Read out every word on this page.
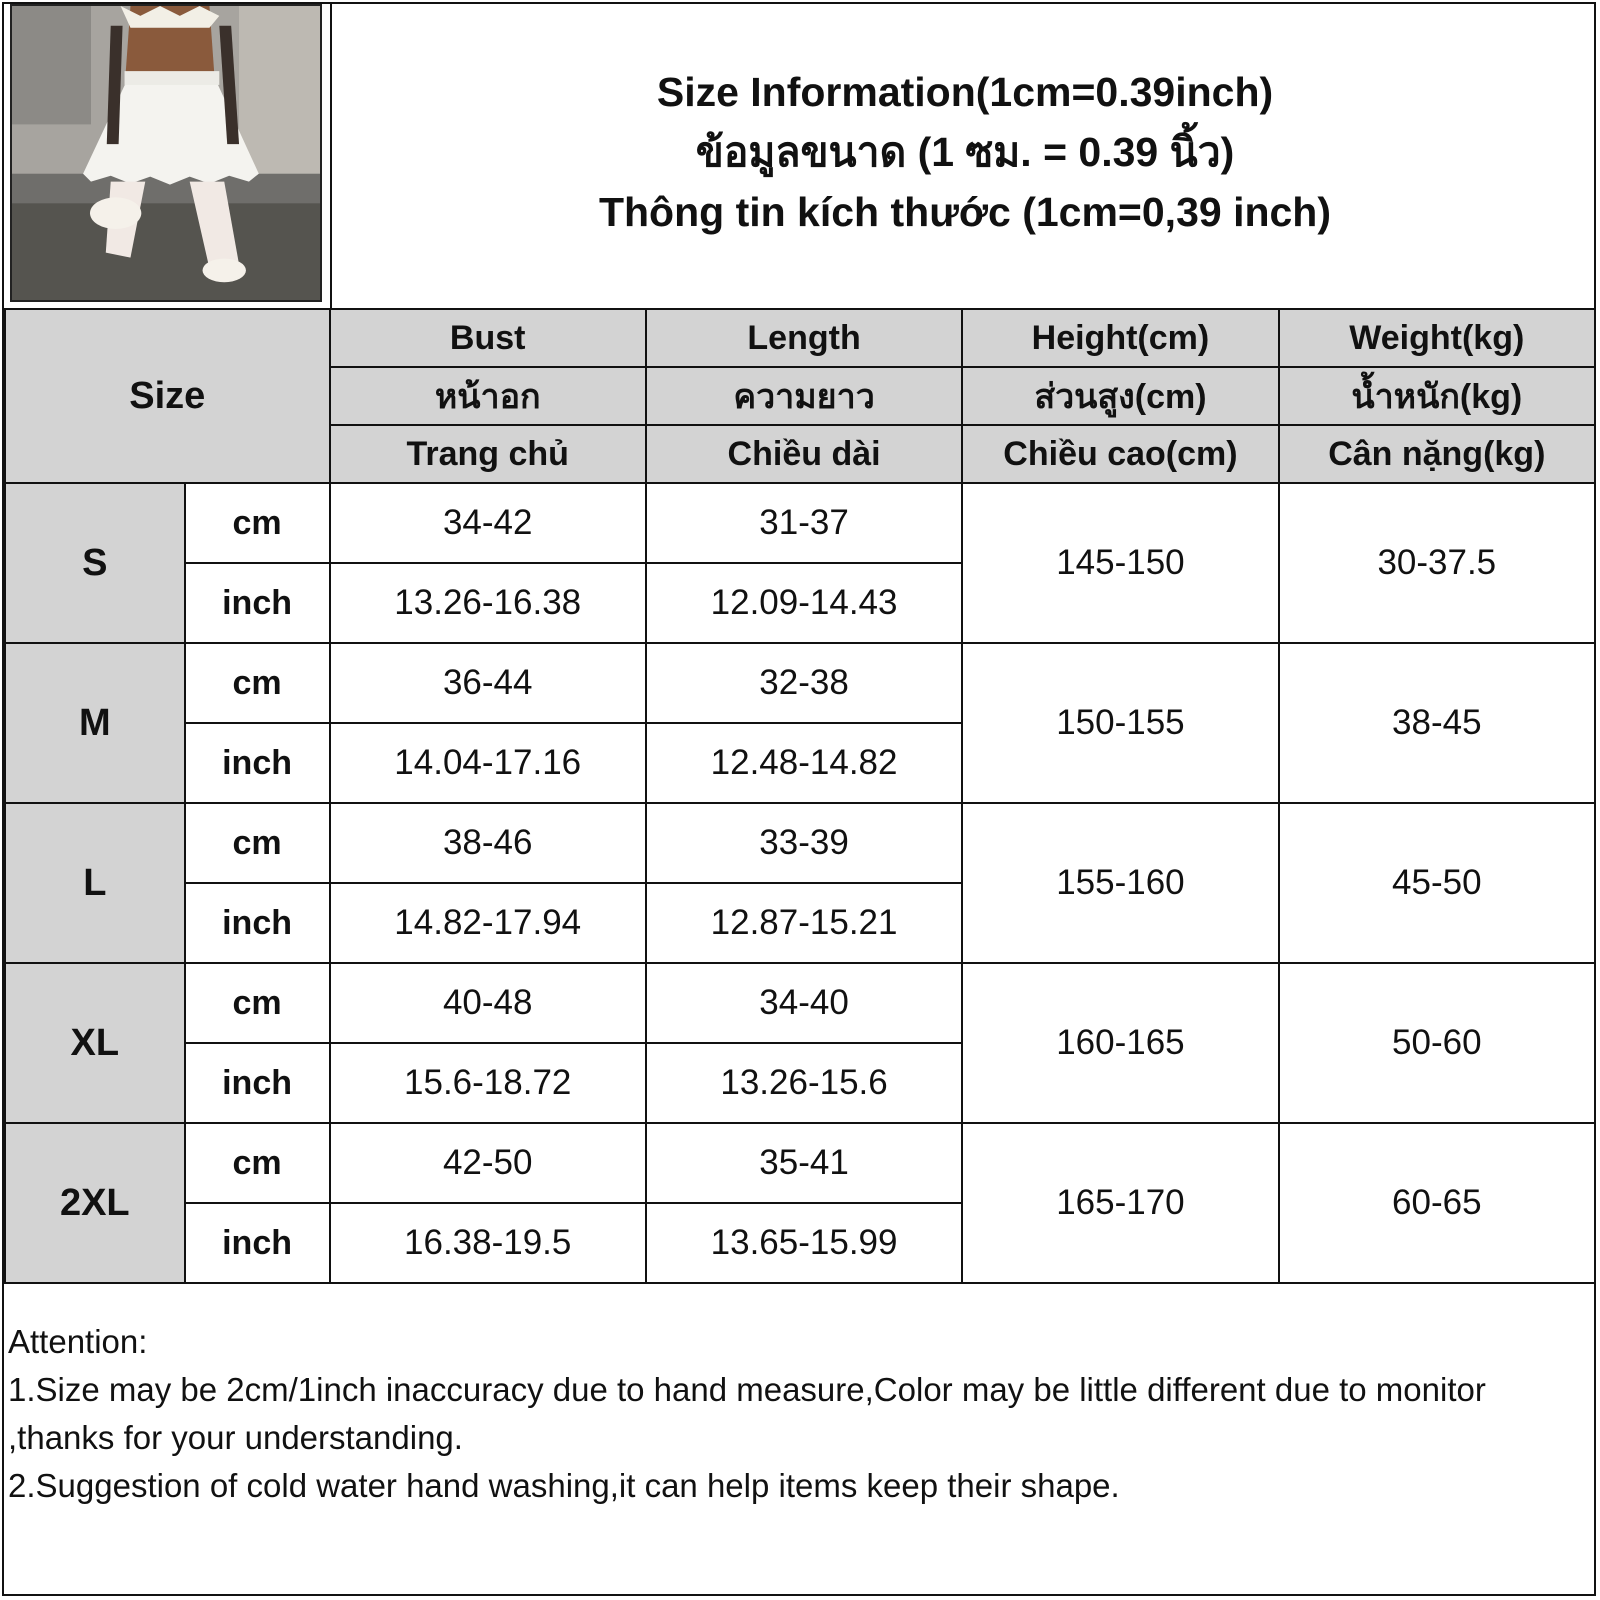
Size Information(1cm=0.39inch)
ข้อมูลขนาด (1 ซม. = 0.39 นิ้ว)
Thông tin kích thước (1cm=0,39 inch)
Size		Bust	Length	Height(cm)	Weight(kg)
		หน้าอก	ความยาว	ส่วนสูง(cm)	น้ำหนัก(kg)
		Trang chủ	Chiều dài	Chiều cao(cm)	Cân nặng(kg)
S	cm	34-42	31-37	145-150	30-37.5
	inch	13.26-16.38	12.09-14.43		
M	cm	36-44	32-38	150-155	38-45
	inch	14.04-17.16	12.48-14.82		
L	cm	38-46	33-39	155-160	45-50
	inch	14.82-17.94	12.87-15.21		
XL	cm	40-48	34-40	160-165	50-60
	inch	15.6-18.72	13.26-15.6		
2XL	cm	42-50	35-41	165-170	60-65
	inch	16.38-19.5	13.65-15.99		
Attention:
1.Size may be 2cm/1inch inaccuracy due to hand measure,Color may be little different due to monitor ,thanks for your understanding.
2.Suggestion of cold water hand washing,it can help items keep their shape.
